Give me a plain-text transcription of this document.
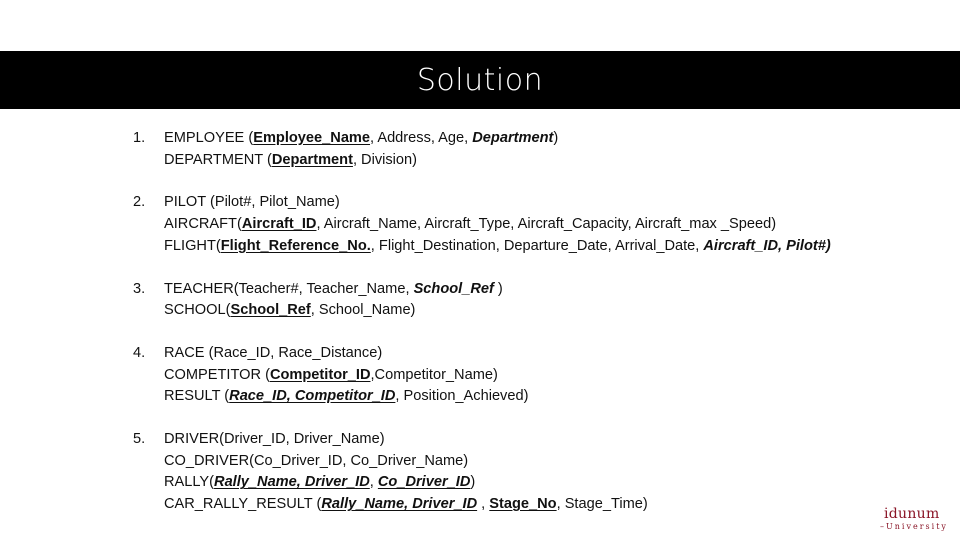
Solution
1.	EMPLOYEE (Employee_Name, Address, Age, Department)
DEPARTMENT (Department, Division)
2.	PILOT (Pilot#, Pilot_Name)
AIRCRAFT(Aircraft_ID, Aircraft_Name, Aircraft_Type, Aircraft_Capacity, Aircraft_max _Speed)
FLIGHT(Flight_Reference_No., Flight_Destination, Departure_Date, Arrival_Date, Aircraft_ID, Pilot#)
3.	TEACHER(Teacher#, Teacher_Name, School_Ref )
SCHOOL(School_Ref, School_Name)
4.	RACE (Race_ID, Race_Distance)
COMPETITOR (Competitor_ID,Competitor_Name)
RESULT (Race_ID, Competitor_ID, Position_Achieved)
5.	DRIVER(Driver_ID, Driver_Name)
CO_DRIVER(Co_Driver_ID, Co_Driver_Name)
RALLY(Rally_Name, Driver_ID, Co_Driver_ID)
CAR_RALLY_RESULT (Rally_Name, Driver_ID , Stage_No, Stage_Time)
idunum
–University
